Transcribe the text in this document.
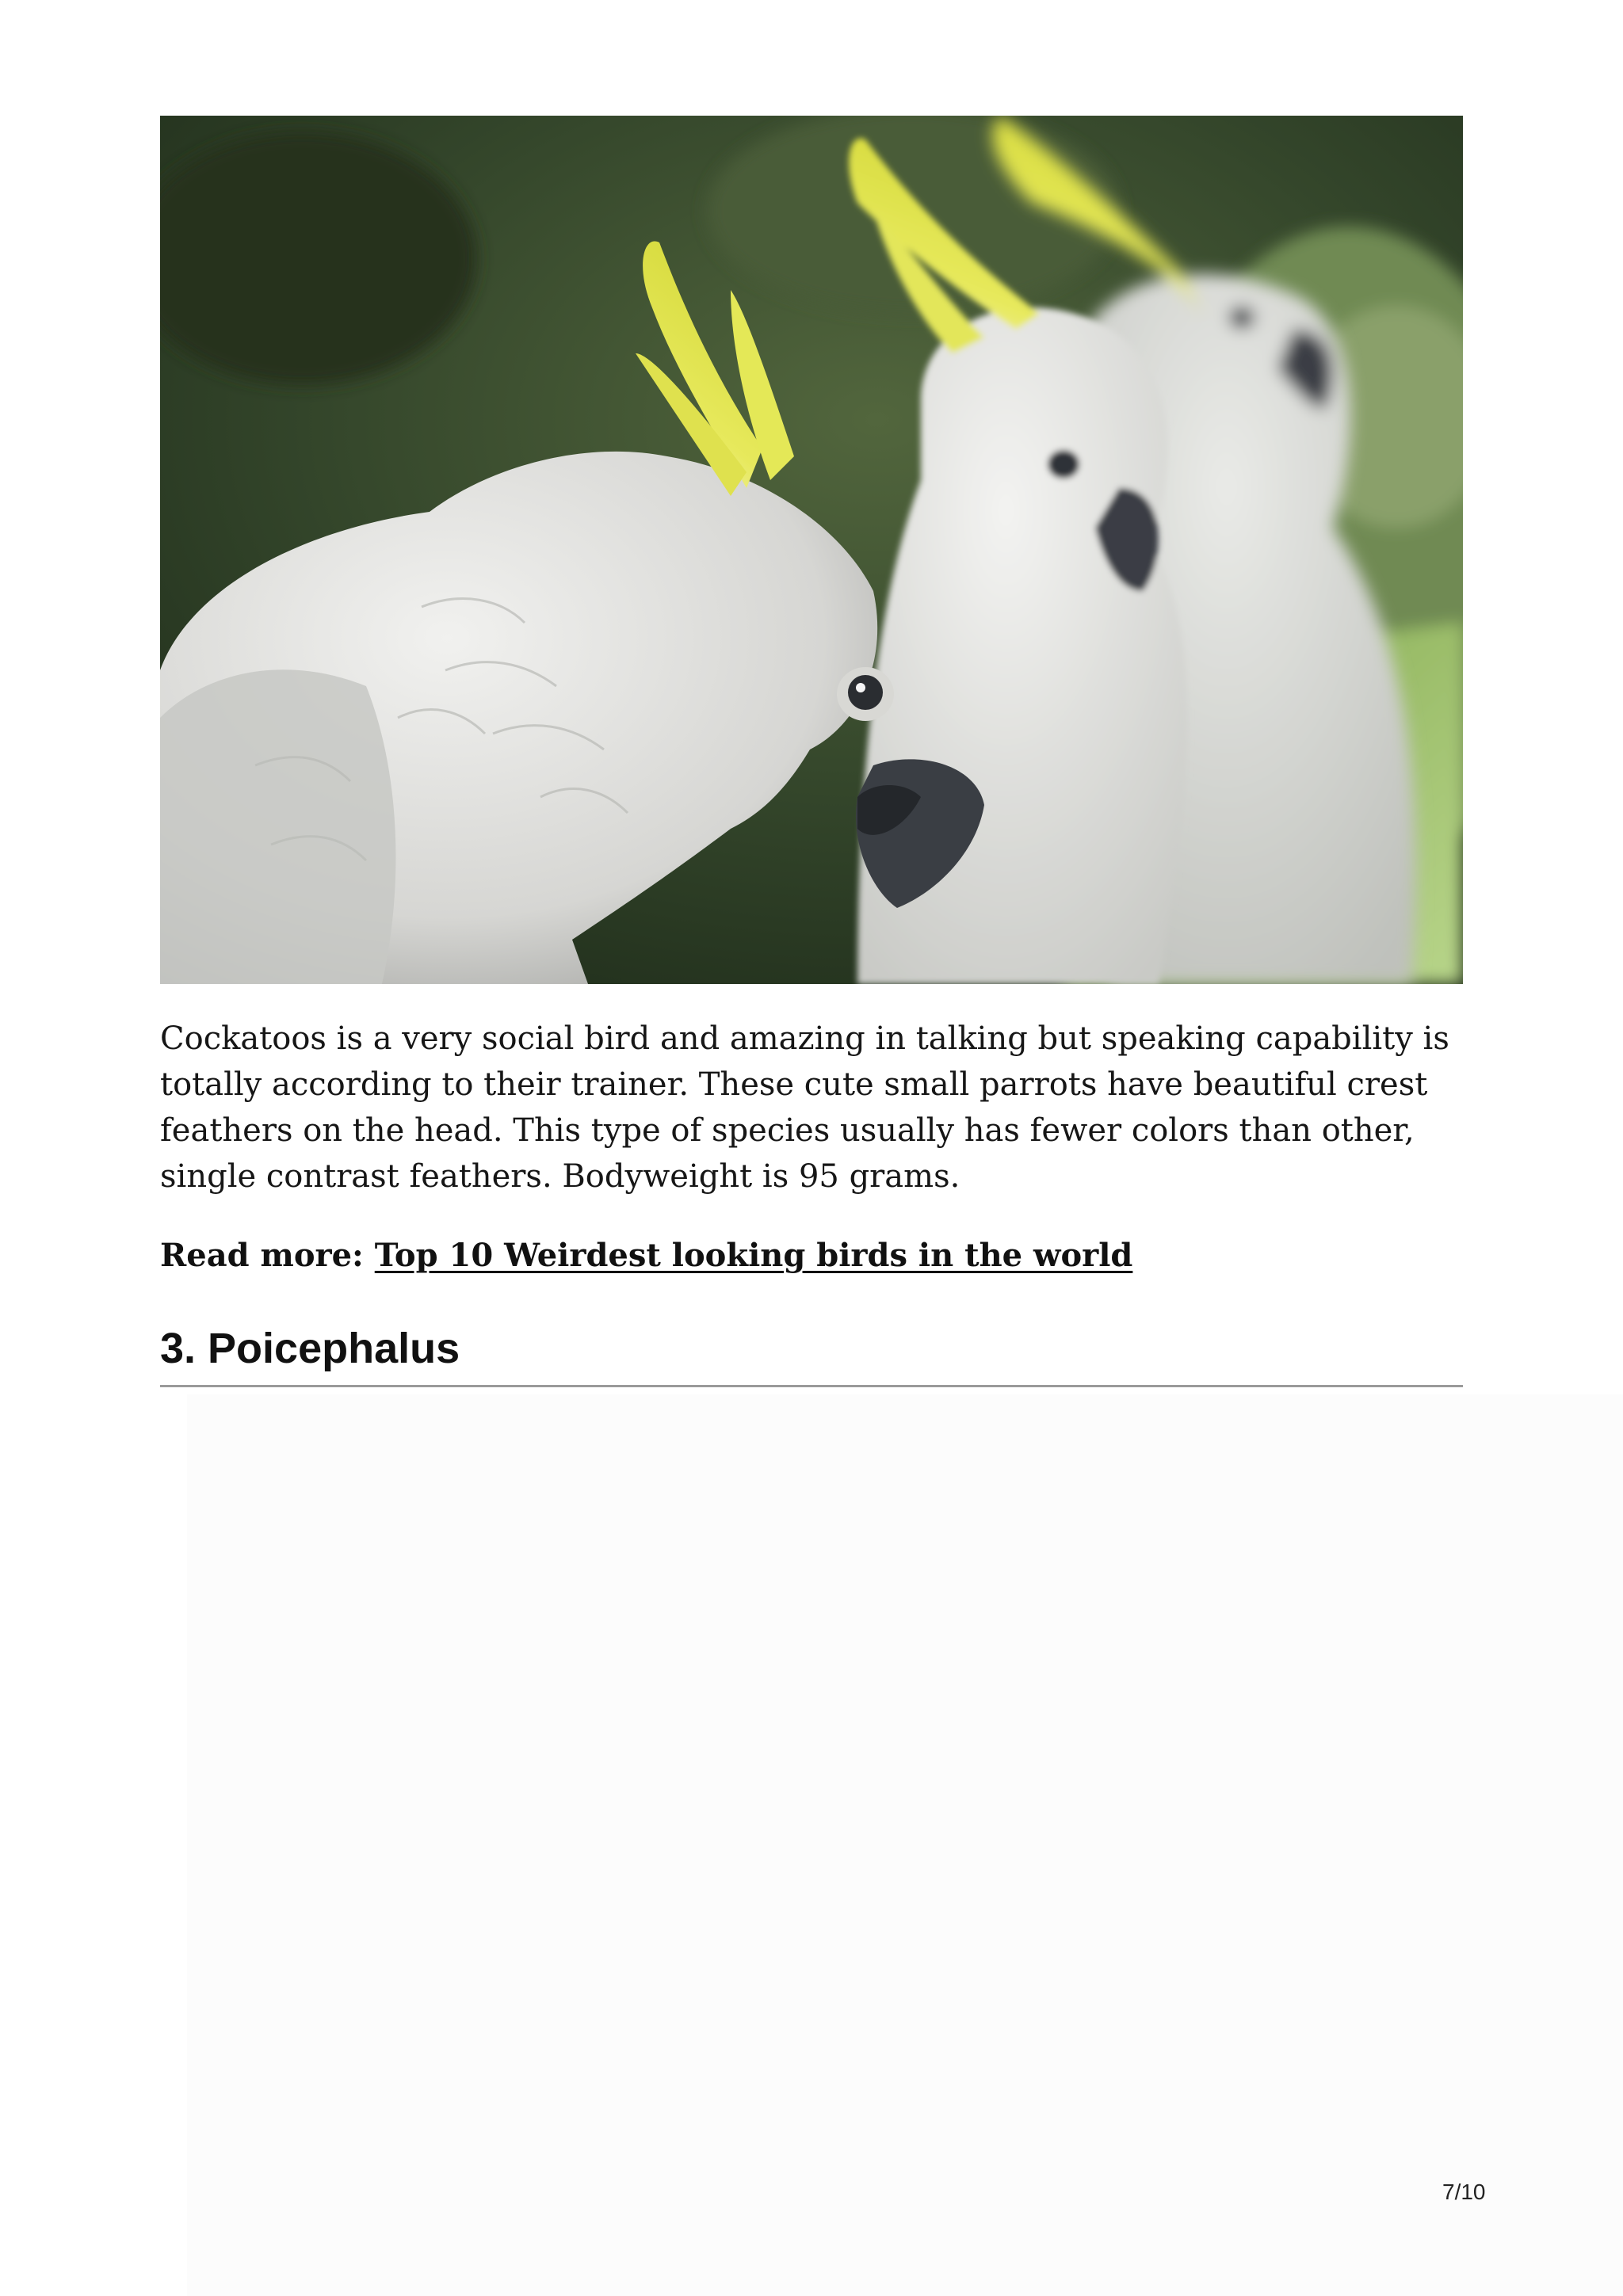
Cockatoos is a very social bird and amazing in talking but speaking capability is totally according to their trainer. These cute small parrots have beautiful crest feathers on the head. This type of species usually has fewer colors than other, single contrast feathers. Bodyweight is 95 grams.

Read more: Top 10 Weirdest looking birds in the world

3. Poicephalus
7/10
